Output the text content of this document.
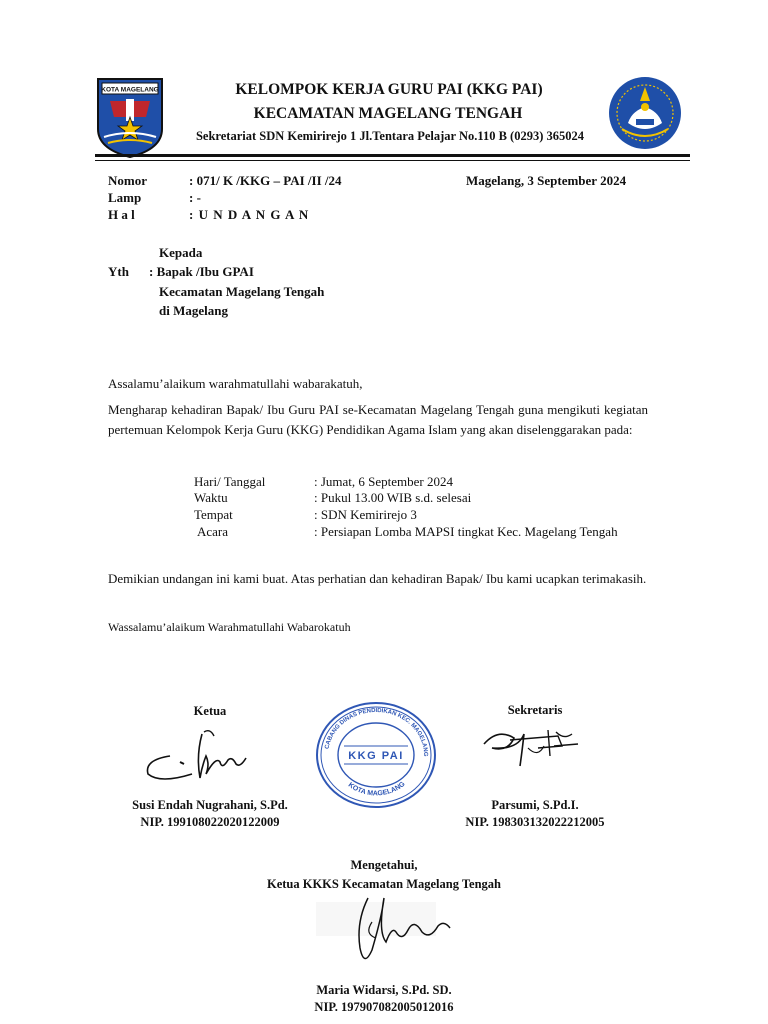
KOTA MAGELANG	KELOMPOK KERJA GURU PAI (KKG PAI)
KECAMATAN MAGELANG TENGAH
Sekretariat SDN Kemirirejo 1 Jl.Tentara Pelajar No.110 B (0293) 365024
Nomor	: 071/ K /KKG – PAI /II /24	Magelang, 3 September 2024
Lamp	: -
H a l	: U N D A N G A N
Kepada
Yth : Bapak /Ibu GPAI
Kecamatan Magelang Tengah
di Magelang
Assalamu’alaikum warahmatullahi wabarakatuh,
Mengharap kehadiran Bapak/ Ibu Guru PAI se-Kecamatan Magelang Tengah guna mengikuti kegiatan pertemuan Kelompok Kerja Guru (KKG) Pendidikan Agama Islam yang akan diselenggarakan pada:
Hari/ Tanggal	: Jumat, 6 September 2024
Waktu	: Pukul 13.00 WIB s.d. selesai
Tempat	: SDN Kemirirejo 3
Acara	: Persiapan Lomba MAPSI tingkat Kec. Magelang Tengah
Demikian undangan ini kami buat. Atas perhatian dan kehadiran Bapak/ Ibu kami ucapkan terimakasih.
Wassalamu’alaikum Warahmatullahi Wabarokatuh
Ketua
Susi Endah Nugrahani, S.Pd.
NIP. 199108022020122009
CABANG DINAS PENDIDIKAN KEC. MAGELANG TENGAH
KOTA MAGELANG
KKG PAI
Sekretaris
Parsumi, S.Pd.I.
NIP. 198303132022212005
Mengetahui,
Ketua KKKS Kecamatan Magelang Tengah
Maria Widarsi, S.Pd. SD.
NIP. 197907082005012016
